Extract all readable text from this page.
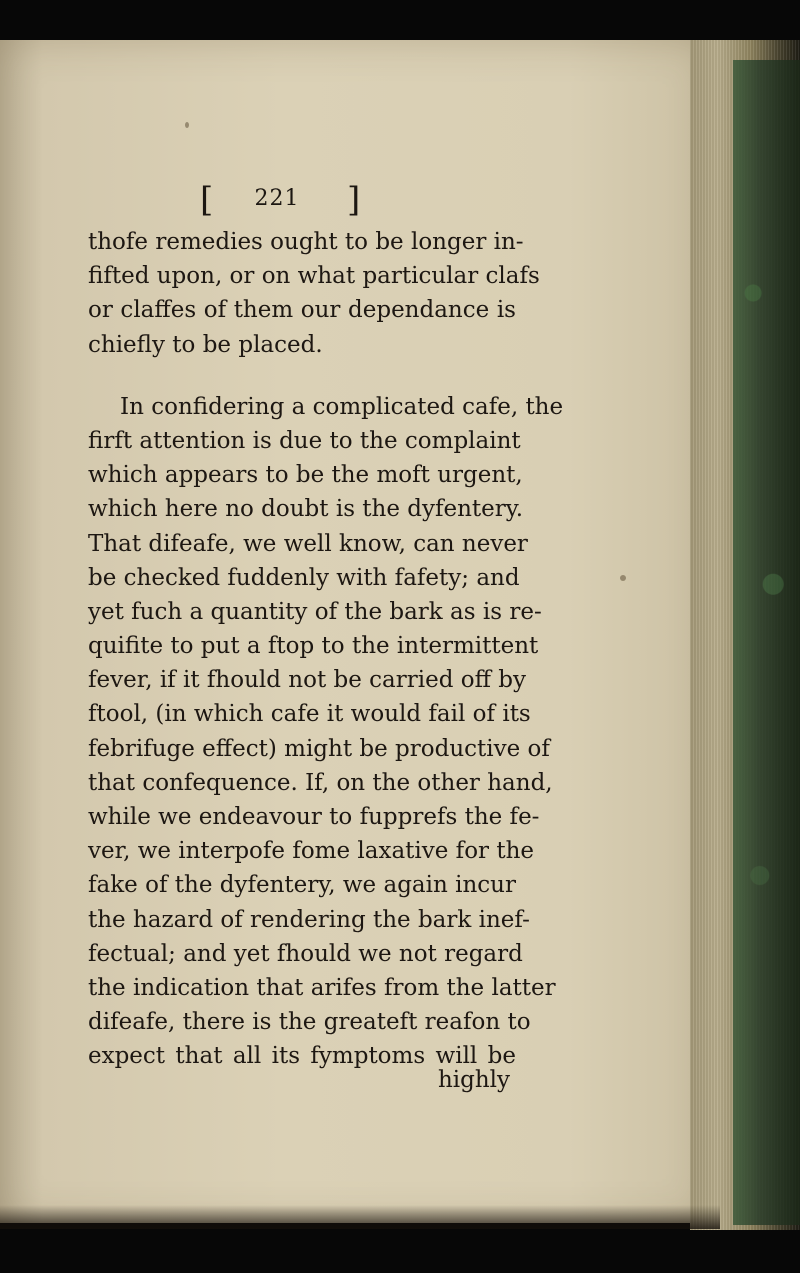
[	221 ]
thofe remedies ought to be longer in-
fifted upon, or on what particular clafs
or claffes of them our dependance is
chiefly to be placed.
In confidering a complicated cafe, the
firft attention is due to the complaint
which appears to be the moft urgent,
which here no doubt is the dyfentery.
That difeafe, we well know, can never
be checked fuddenly with fafety; and
yet fuch a quantity of the bark as is re-
quifite to put a ftop to the intermittent
fever, if it fhould not be carried off by
ftool, (in which cafe it would fail of its
febrifuge effect) might be productive of
that confequence. If, on the other hand,
while we endeavour to fupprefs the fe-
ver, we interpofe fome laxative for the
fake of the dyfentery, we again incur
the hazard of rendering the bark inef-
fectual; and yet fhould we not regard
the indication that arifes from the latter
difeafe, there is the greateft reafon to
expect that all its fymptoms will be
highly
